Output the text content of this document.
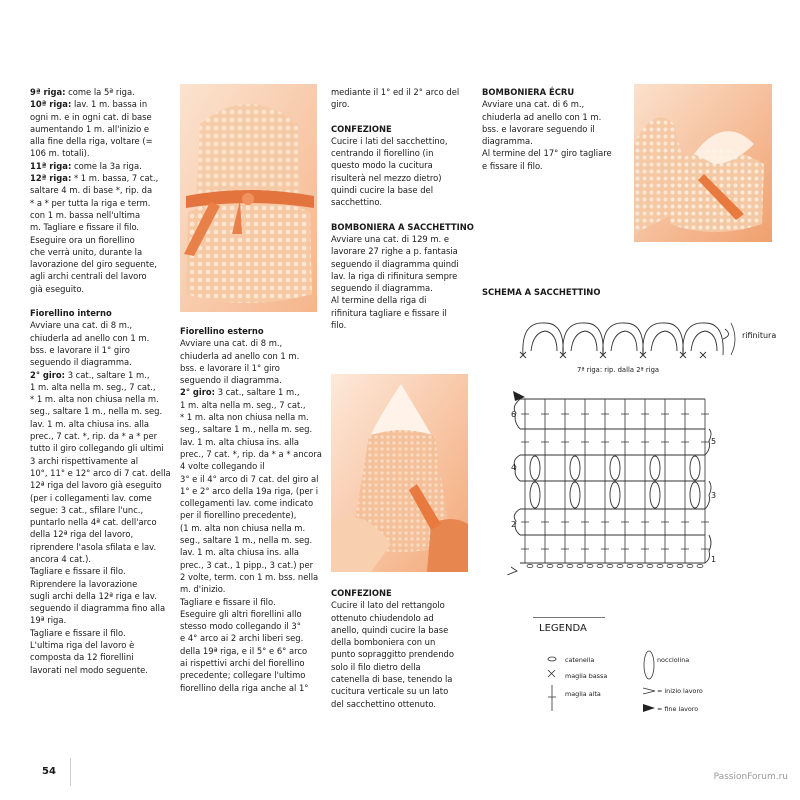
9ª riga: come la 5ª riga.

10ª riga: lav. 1 m. bassa in

ogni m. e in ogni cat. di base

aumentando 1 m. all'inizio e

alla fine della riga, voltare (=

106 m. totali).

11ª riga: come la 3a riga.

12ª riga: * 1 m. bassa, 7 cat.,

saltare 4 m. di base *, rip. da

* a * per tutta la riga e term.

con 1 m. bassa nell'ultima

m. Tagliare e fissare il filo.

Eseguire ora un fiorellino

che verrà unito, durante la

lavorazione del giro seguente,

agli archi centrali del lavoro

già eseguito.

Fiorellino interno

Avviare una cat. di 8 m.,

chiuderla ad anello con 1 m.

bss. e lavorare il 1° giro

seguendo il diagramma.

2° giro: 3 cat., saltare 1 m.,

1 m. alta nella m. seg., 7 cat.,

* 1 m. alta non chiusa nella m.

seg., saltare 1 m., nella m. seg.

lav. 1 m. alta chiusa ins. alla

prec., 7 cat. *, rip. da * a * per

tutto il giro collegando gli ultimi

3 archi rispettivamente al

10°, 11° e 12° arco di 7 cat. della

12ª riga del lavoro già eseguito

(per i collegamenti lav. come

segue: 3 cat., sfilare l'unc.,

puntarlo nella 4ª cat. dell'arco

della 12ª riga del lavoro,

riprendere l'asola sfilata e lav.

ancora 4 cat.).

Tagliare e fissare il filo.

Riprendere la lavorazione

sugli archi della 12ª riga e lav.

seguendo il diagramma fino alla

19ª riga.

Tagliare e fissare il filo.

L'ultima riga del lavoro è

composta da 12 fiorellini

lavorati nel modo seguente.

Fiorellino esterno

Avviare una cat. di 8 m.,

chiuderla ad anello con 1 m.

bss. e lavorare il 1° giro

seguendo il diagramma.

2° giro: 3 cat., saltare 1 m.,

1 m. alta nella m. seg., 7 cat.,

* 1 m. alta non chiusa nella m.

seg., saltare 1 m., nella m. seg.

lav. 1 m. alta chiusa ins. alla

prec., 7 cat. *, rip. da * a * ancora

4 volte collegando il

3° e il 4° arco di 7 cat. del giro al

1° e 2° arco della 19a riga, (per i

collegamenti lav. come indicato

per il fiorellino precedente),

(1 m. alta non chiusa nella m.

seg., saltare 1 m., nella m. seg.

lav. 1 m. alta chiusa ins. alla

prec., 3 cat., 1 pipp., 3 cat.) per

2 volte, term. con 1 m. bss. nella

m. d'inizio.

Tagliare e fissare il filo.

Eseguire gli altri fiorellini allo

stesso modo collegando il 3°

e 4° arco ai 2 archi liberi seg.

della 19ª riga, e il 5° e 6° arco

ai rispettivi archi del fiorellino

precedente; collegare l'ultimo

fiorellino della riga anche al 1°

mediante il 1° ed il 2° arco del

giro.

CONFEZIONE

Cucire i lati del sacchettino,

centrando il fiorellino (in

questo modo la cucitura

risulterà nel mezzo dietro)

quindi cucire la base del

sacchettino.

BOMBONIERA A SACCHETTINO

Avviare una cat. di 129 m. e

lavorare 27 righe a p. fantasia

seguendo il diagramma quindi

lav. la riga di rifinitura sempre

seguendo il diagramma.

Al termine della riga di

rifinitura tagliare e fissare il

filo.

CONFEZIONE

Cucire il lato del rettangolo

ottenuto chiudendolo ad

anello, quindi cucire la base

della bomboniera con un

punto sopraggitto prendendo

solo il filo dietro della

catenella di base, tenendo la

cucitura verticale su un lato

del sacchettino ottenuto.

BOMBONIERA ÉCRU

Avviare una cat. di 6 m.,

chiuderla ad anello con 1 m.

bss. e lavorare seguendo il

diagramma.

Al termine del 17° giro tagliare

e fissare il filo.

SCHEMA A SACCHETTINO
rifinitura
7ª riga: rip. dalla 2ª riga
6
5
4
3
2
1
LEGENDA
catenella
maglia bassa
maglia alta
nocciolina
= inizio lavoro
= fine lavoro
54	PassionForum.ru
